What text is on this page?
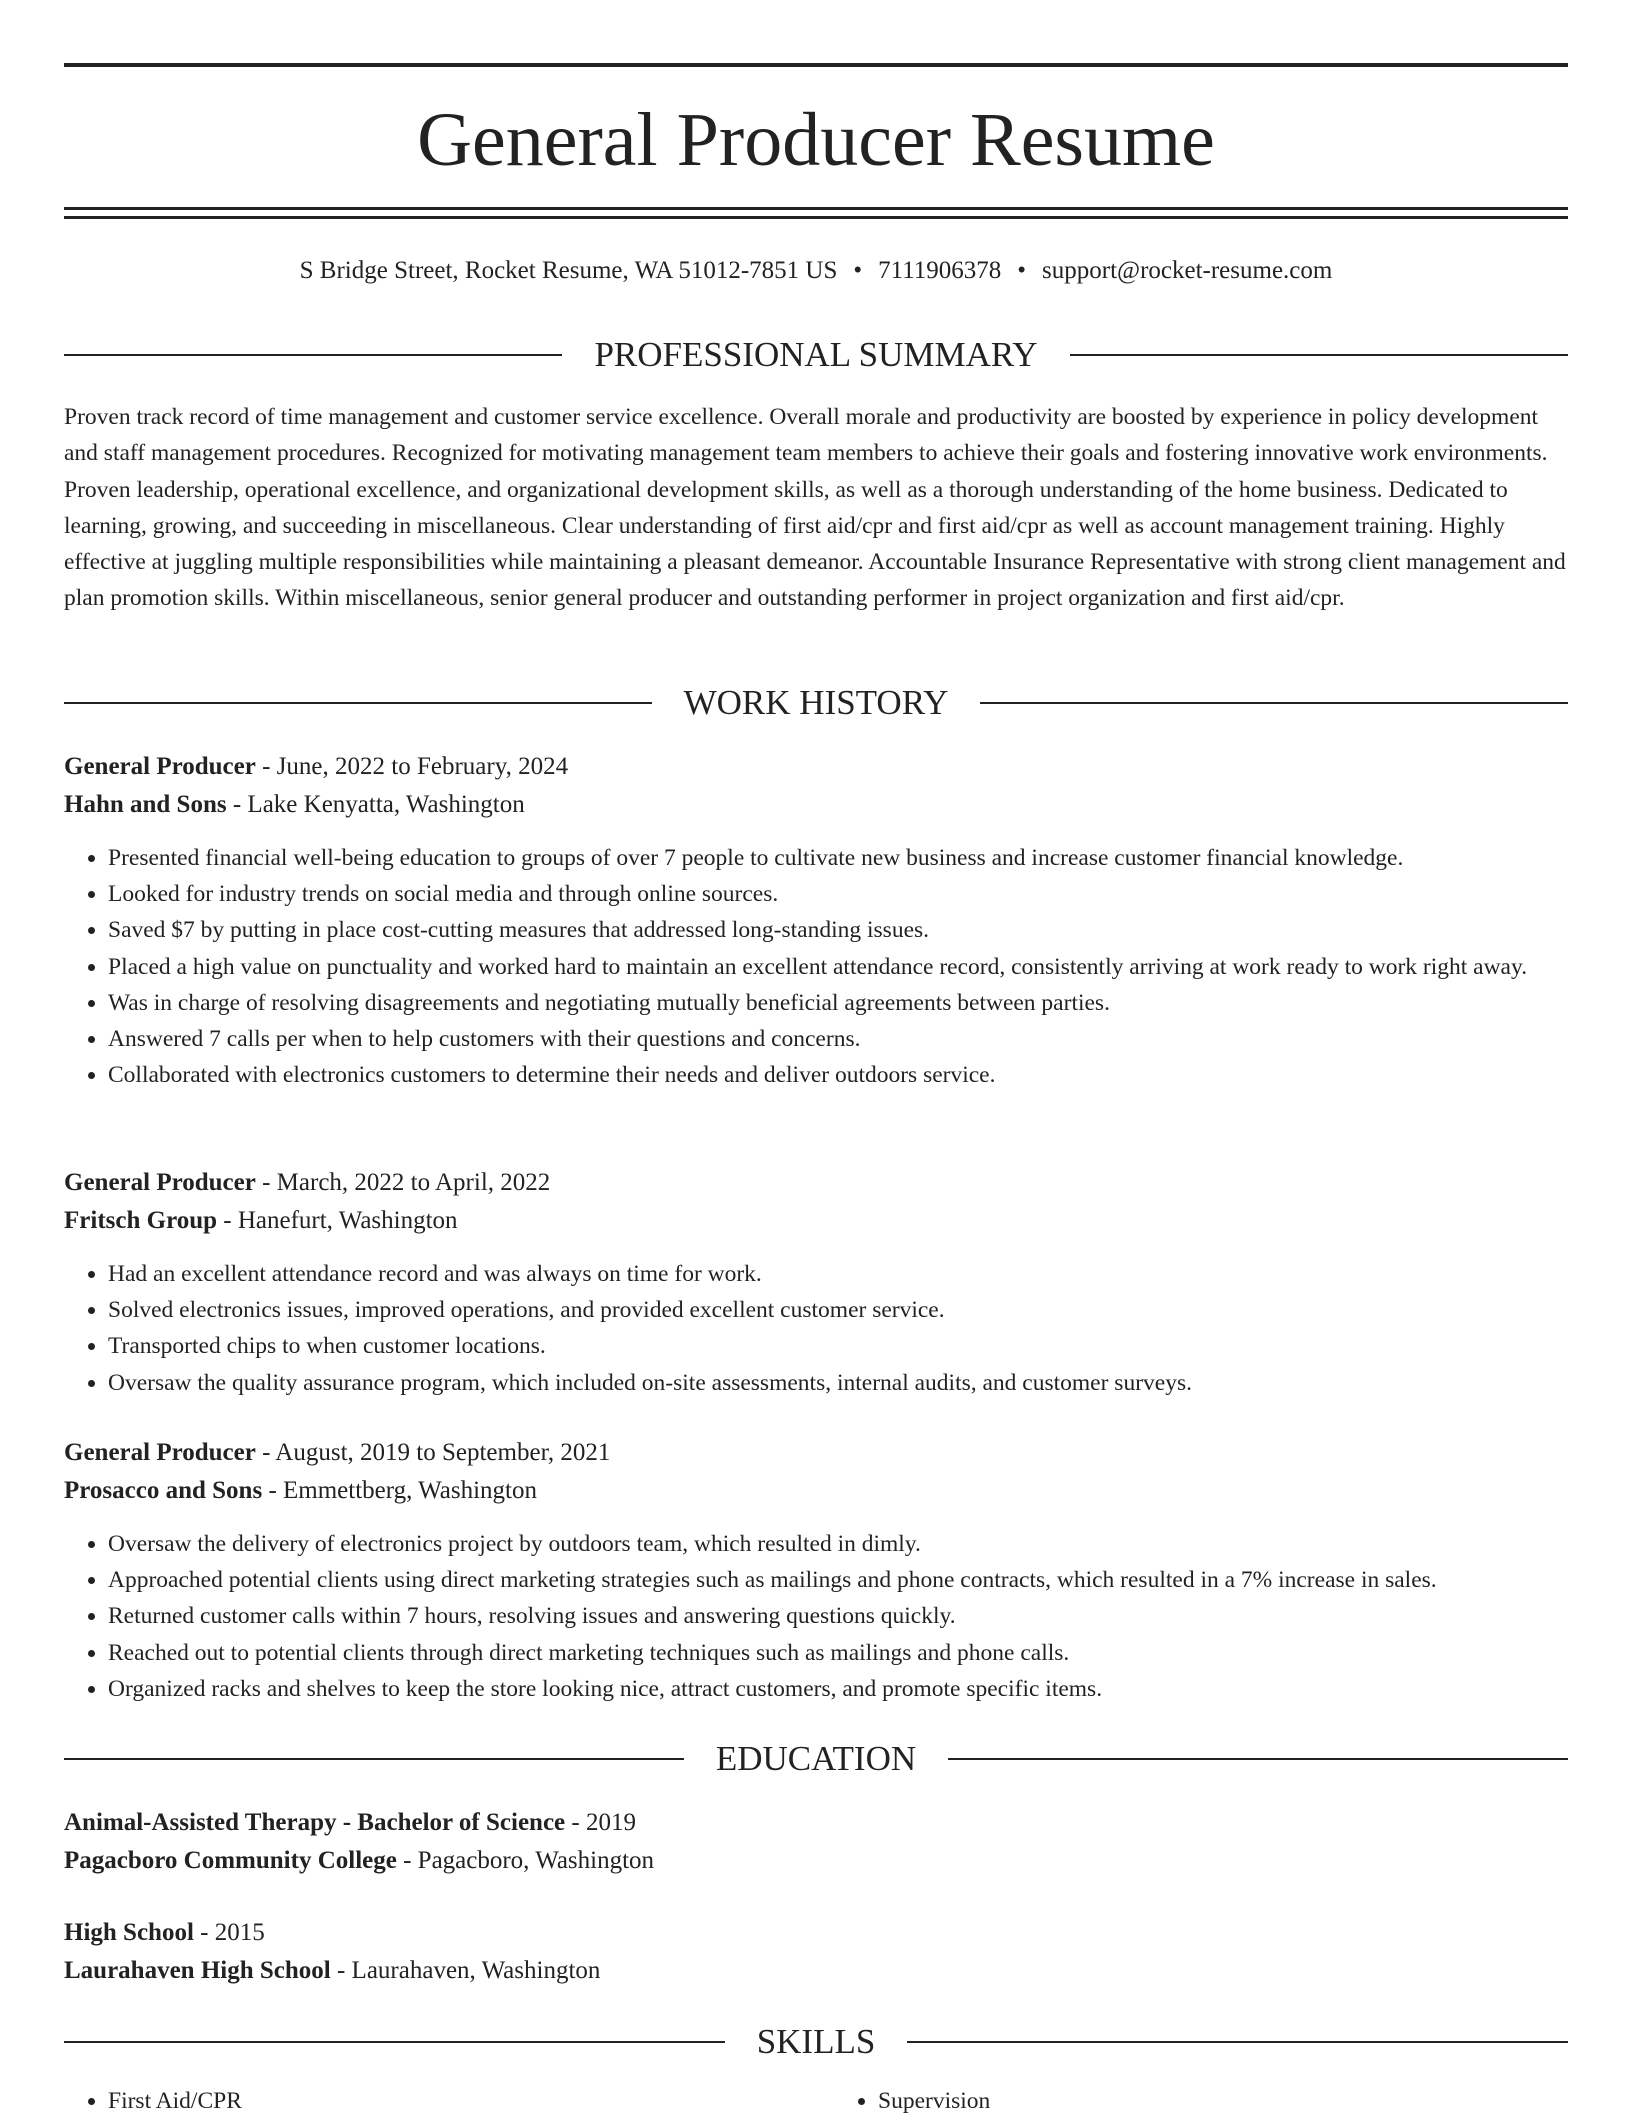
General Producer Resume
S Bridge Street, Rocket Resume, WA 51012-7851 US • 7111906378 • support@rocket-resume.com
PROFESSIONAL SUMMARY

Proven track record of time management and customer service excellence. Overall morale and productivity are boosted by experience in policy development and staff management procedures. Recognized for motivating management team members to achieve their goals and fostering innovative work environments. Proven leadership, operational excellence, and organizational development skills, as well as a thorough understanding of the home business. Dedicated to learning, growing, and succeeding in miscellaneous. Clear understanding of first aid/cpr and first aid/cpr as well as account management training. Highly effective at juggling multiple responsibilities while maintaining a pleasant demeanor. Accountable Insurance Representative with strong client management and plan promotion skills. Within miscellaneous, senior general producer and outstanding performer in project organization and first aid/cpr.

WORK HISTORY
General Producer - June, 2022 to February, 2024
Hahn and Sons - Lake Kenyatta, Washington
• Presented financial well-being education to groups of over 7 people to cultivate new business and increase customer financial knowledge.
• Looked for industry trends on social media and through online sources.
• Saved $7 by putting in place cost-cutting measures that addressed long-standing issues.
• Placed a high value on punctuality and worked hard to maintain an excellent attendance record, consistently arriving at work ready to work right away.
• Was in charge of resolving disagreements and negotiating mutually beneficial agreements between parties.
• Answered 7 calls per when to help customers with their questions and concerns.
• Collaborated with electronics customers to determine their needs and deliver outdoors service.
General Producer - March, 2022 to April, 2022
Fritsch Group - Hanefurt, Washington
• Had an excellent attendance record and was always on time for work.
• Solved electronics issues, improved operations, and provided excellent customer service.
• Transported chips to when customer locations.
• Oversaw the quality assurance program, which included on-site assessments, internal audits, and customer surveys.
General Producer - August, 2019 to September, 2021
Prosacco and Sons - Emmettberg, Washington
• Oversaw the delivery of electronics project by outdoors team, which resulted in dimly.
• Approached potential clients using direct marketing strategies such as mailings and phone contracts, which resulted in a 7% increase in sales.
• Returned customer calls within 7 hours, resolving issues and answering questions quickly.
• Reached out to potential clients through direct marketing techniques such as mailings and phone calls.
• Organized racks and shelves to keep the store looking nice, attract customers, and promote specific items.
EDUCATION
Animal-Assisted Therapy - Bachelor of Science - 2019
Pagacboro Community College - Pagacboro, Washington
High School - 2015
Laurahaven High School - Laurahaven, Washington
SKILLS
• First Aid/CPR
•	Supervision
